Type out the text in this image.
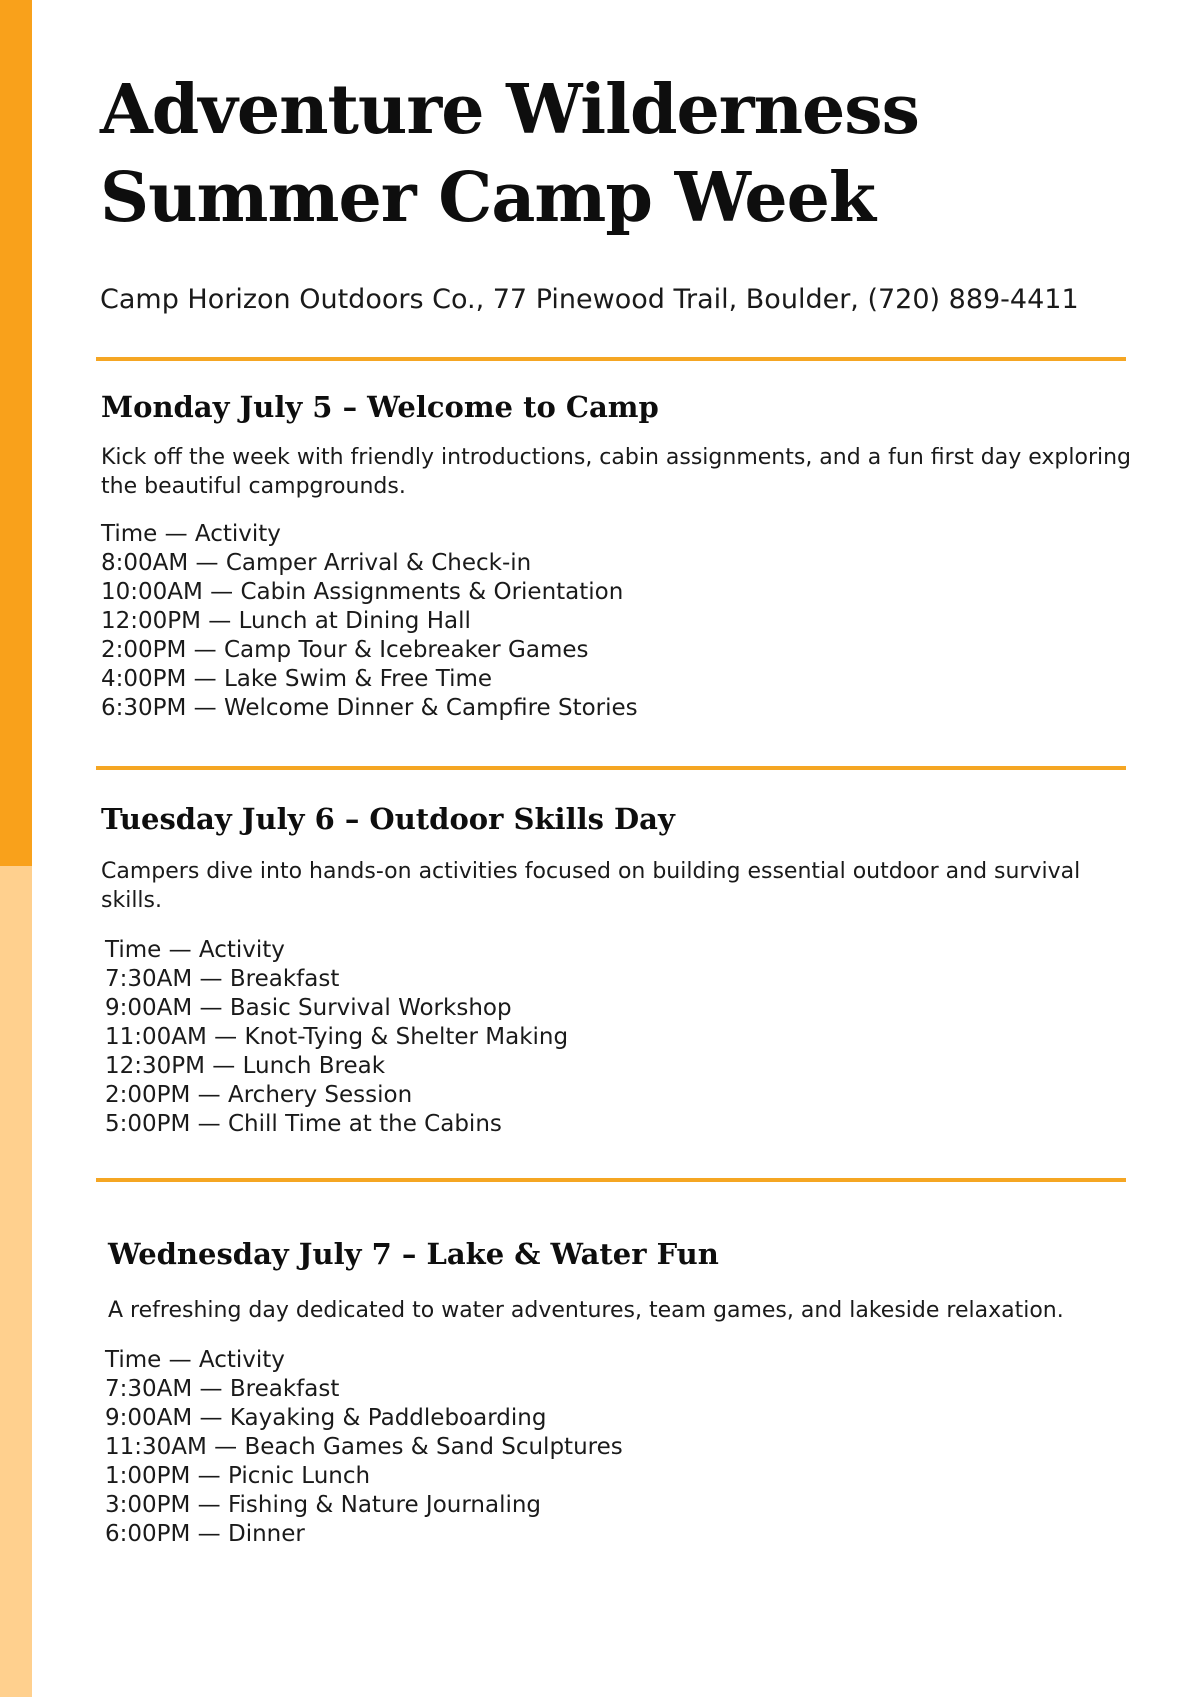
Adventure Wilderness
Summer Camp Week
Camp Horizon Outdoors Co., 77 Pinewood Trail, Boulder, (720) 889-4411
Monday July 5 – Welcome to Camp

Kick off the week with friendly introductions, cabin assignments, and a fun first day exploring the beautiful campgrounds.

Time — Activity
8:00AM — Camper Arrival & Check-in
10:00AM — Cabin Assignments & Orientation
12:00PM — Lunch at Dining Hall
2:00PM — Camp Tour & Icebreaker Games
4:00PM — Lake Swim & Free Time
6:30PM — Welcome Dinner & Campfire Stories
Tuesday July 6 – Outdoor Skills Day

Campers dive into hands-on activities focused on building essential outdoor and survival skills.

Time — Activity
7:30AM — Breakfast
9:00AM — Basic Survival Workshop
11:00AM — Knot-Tying & Shelter Making
12:30PM — Lunch Break
2:00PM — Archery Session
5:00PM — Chill Time at the Cabins
Wednesday July 7 – Lake & Water Fun

A refreshing day dedicated to water adventures, team games, and lakeside relaxation.

Time — Activity
7:30AM — Breakfast
9:00AM — Kayaking & Paddleboarding
11:30AM — Beach Games & Sand Sculptures
1:00PM — Picnic Lunch
3:00PM — Fishing & Nature Journaling
6:00PM — Dinner
